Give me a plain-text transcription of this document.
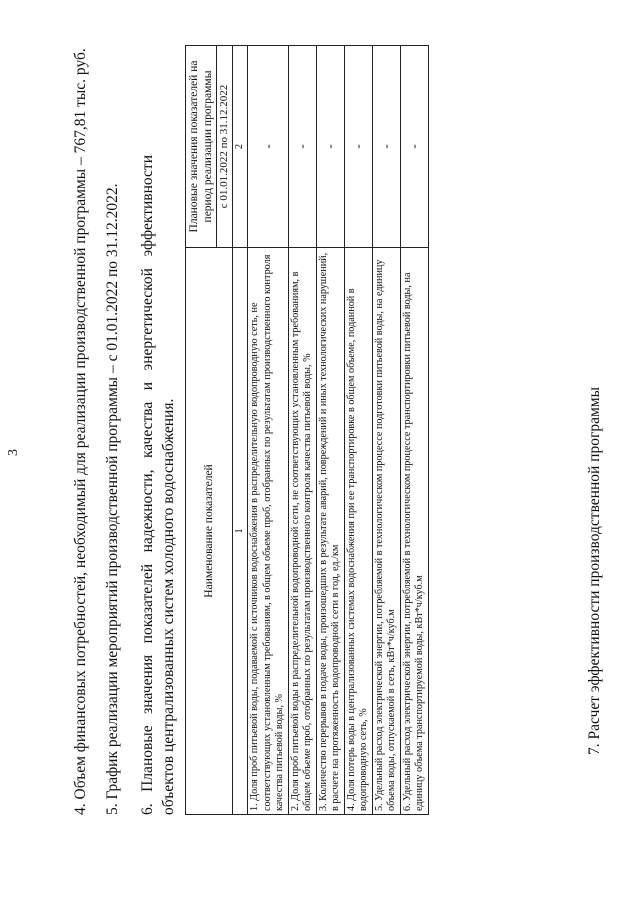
3	4. Объем финансовых потребностей, необходимый для реализации производственной программы – 767,81 тыс. руб. 5. График реализации мероприятий производственной программы – с 01.01.2022 по 31.12.2022. 6. Плановые значения показателей надежности, качества и энергетической эффективности объектов централизованных систем холодного водоснабжения. Наименование показателей	Плановые значения показателей на период реализации программы
	с 01.01.2022 по 31.12.2022
1	2
1. Доля проб питьевой воды, подаваемой с источников водоснабжения в распределительную водопроводную сеть, не соответствующих установленным требованиям, в общем объеме проб, отобранных по результатам производственного контроля качества питьевой воды, %	-
2. Доля проб питьевой воды в распределительной водопроводной сети, не соответствующих установленным требованиям, в общем объеме проб, отобранных по результатам производственного контроля качества питьевой воды, %	-
3. Количество перерывов в подаче воды, произошедших в результате аварий, повреждений и иных технологических нарушений, в расчете на протяженность водопроводной сети в год, ед./км	-
4. Доля потерь воды в централизованных системах водоснабжения при ее транспортировке в общем объеме, поданной в водопроводную сеть, %	-
5. Удельный расход электрической энергии, потребляемой в технологическом процессе подготовки питьевой воды, на единицу объема воды, отпускаемой в сеть, кВт*ч/куб.м	-
6. Удельный расход электрической энергии, потребляемой в технологическом процессе транспортировки питьевой воды, на единицу объема транспортируемой воды, кВт*ч/куб.м	-
7. Расчет эффективности производственной программы
